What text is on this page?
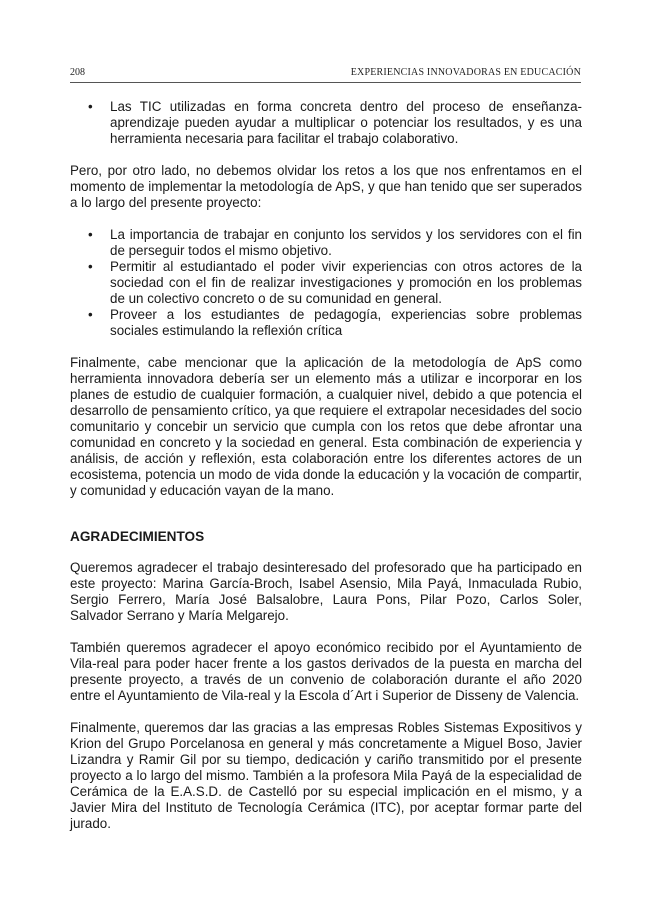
208	EXPERIENCIAS INNOVADORAS EN EDUCACIÓN

• Las TIC utilizadas en forma concreta dentro del proceso de enseñanza-aprendizaje pueden ayudar a multiplicar o potenciar los resultados, y es una herramienta necesaria para facilitar el trabajo colaborativo.

Pero, por otro lado, no debemos olvidar los retos a los que nos enfrentamos en el momento de implementar la metodología de ApS, y que han tenido que ser superados a lo largo del presente proyecto:

• La importancia de trabajar en conjunto los servidos y los servidores con el fin de perseguir todos el mismo objetivo.
• Permitir al estudiantado el poder vivir experiencias con otros actores de la sociedad con el fin de realizar investigaciones y promoción en los problemas de un colectivo concreto o de su comunidad en general.
• Proveer a los estudiantes de pedagogía, experiencias sobre problemas sociales estimulando la reflexión crítica

Finalmente, cabe mencionar que la aplicación de la metodología de ApS como herramienta innovadora debería ser un elemento más a utilizar e incorporar en los planes de estudio de cualquier formación, a cualquier nivel, debido a que potencia el desarrollo de pensamiento crítico, ya que requiere el extrapolar necesidades del socio comunitario y concebir un servicio que cumpla con los retos que debe afrontar una comunidad en concreto y la sociedad en general. Esta combinación de experiencia y análisis, de acción y reflexión, esta colaboración entre los diferentes actores de un ecosistema, potencia un modo de vida donde la educación y la vocación de compartir, y comunidad y educación vayan de la mano.

AGRADECIMIENTOS

Queremos agradecer el trabajo desinteresado del profesorado que ha participado en este proyecto: Marina García-Broch, Isabel Asensio, Mila Payá, Inmaculada Rubio, Sergio Ferrero, María José Balsalobre, Laura Pons, Pilar Pozo, Carlos Soler, Salvador Serrano y María Melgarejo.

También queremos agradecer el apoyo económico recibido por el Ayuntamiento de Vila-real para poder hacer frente a los gastos derivados de la puesta en marcha del presente proyecto, a través de un convenio de colaboración durante el año 2020 entre el Ayuntamiento de Vila-real y la Escola d´Art i Superior de Disseny de Valencia.

Finalmente, queremos dar las gracias a las empresas Robles Sistemas Expositivos y Krion del Grupo Porcelanosa en general y más concretamente a Miguel Boso, Javier Lizandra y Ramir Gil por su tiempo, dedicación y cariño transmitido por el presente proyecto a lo largo del mismo. También a la profesora Mila Payá de la especialidad de Cerámica de la E.A.S.D. de Castelló por su especial implicación en el mismo, y a Javier Mira del Instituto de Tecnología Cerámica (ITC), por aceptar formar parte del jurado.
